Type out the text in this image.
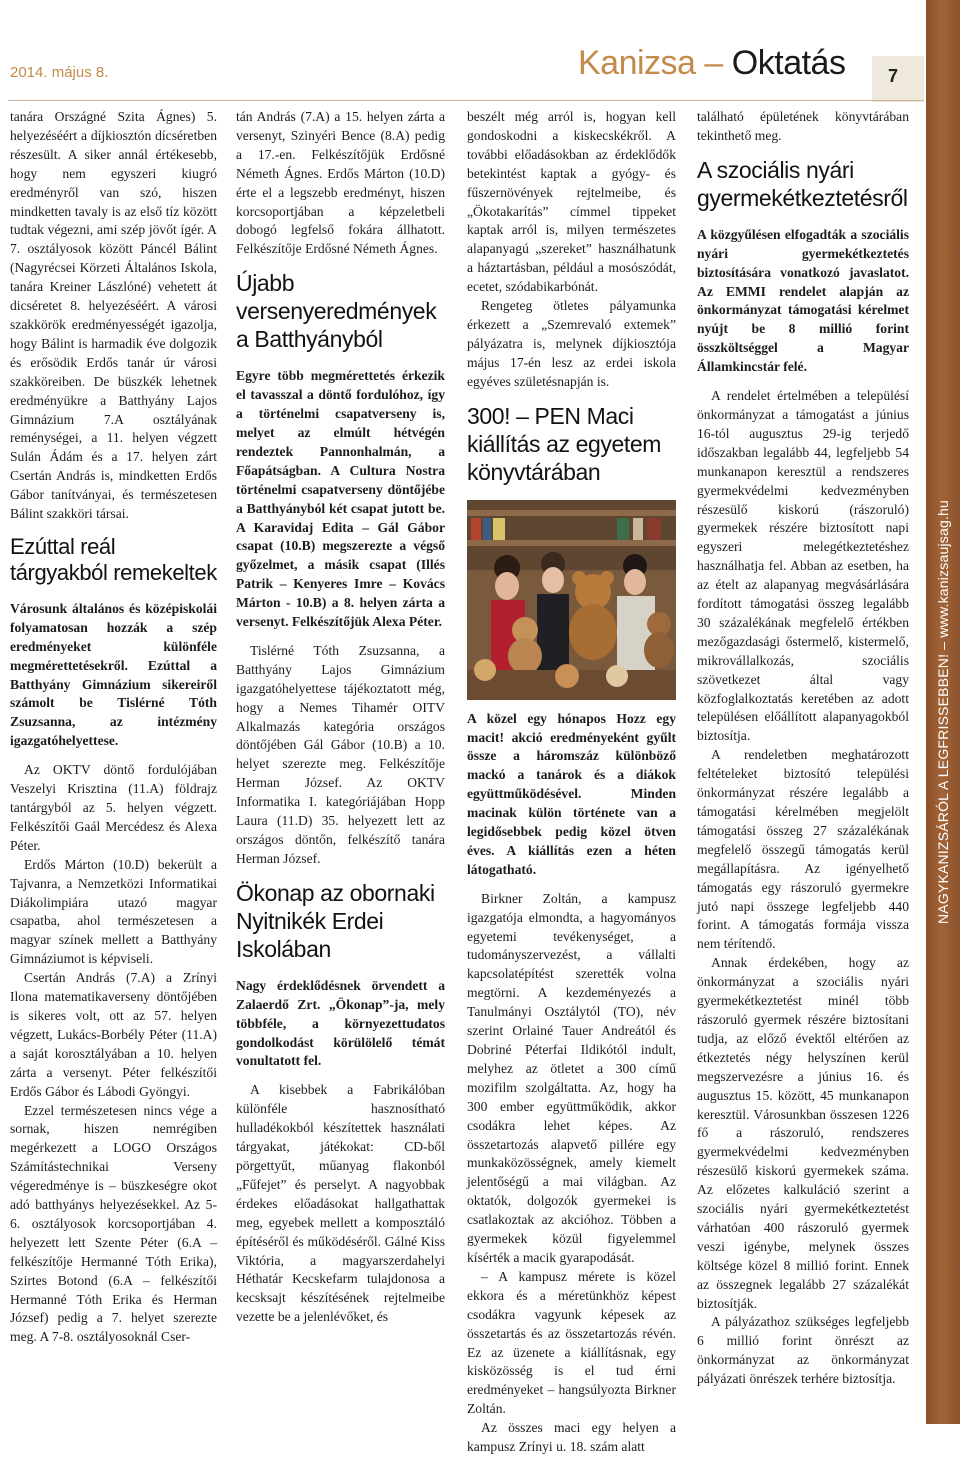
2014. május 8.	Kanizsa – Oktatás 7
NAGYKANIZSÁRÓL A LEGFRISSEBBEN! – www.kanizsaujsag.hu

tanára Országné Szita Ágnes) 5. helyezéséért a díjkiosztón dícséretben részesült. A siker annál értékesebb, hogy nem egyszeri kiugró eredményről van szó, hiszen mindketten tavaly is az első tíz között tudtak végezni, ami szép jövőt ígér. A 7. osztályosok között Páncél Bálint (Nagyrécsei Körzeti Általános Iskola, tanára Kreiner Lászlóné) vehetett át dicséretet 8. helyezéséért. A városi szakkörök eredményességét igazolja, hogy Bálint is harmadik éve dolgozik és erősödik Erdős tanár úr városi szakköreiben. De büszkék lehetnek eredményükre a Batthyány Lajos Gimnázium 7.A osztályának reménységei, a 11. helyen végzett Sulán Ádám és a 17. helyen zárt Csertán András is, mindketten Erdős Gábor tanítványai, és természetesen Bálint szakköri társai.

Ezúttal reál tárgyakból remekeltek

Városunk általános és középiskolái folyamatosan hozzák a szép eredményeket különféle megmérettetésekről. Ezúttal a Batthyány Gimnázium sikereiről számolt be Tislérné Tóth Zsuzsanna, az intézmény igazgatóhelyettese.

Az OKTV döntő fordulójában Veszelyi Krisztina (11.A) földrajz tantárgyból az 5. helyen végzett. Felkészítői Gaál Mercédesz és Alexa Péter.

Erdős Márton (10.D) bekerült a Tajvanra, a Nemzetközi Informatikai Diákolimpiára utazó magyar csapatba, ahol természetesen a magyar színek mellett a Batthyány Gimnáziumot is képviseli.

Csertán András (7.A) a Zrínyi Ilona matematikaverseny döntőjében is sikeres volt, ott az 57. helyen végzett, Lukács-Borbély Péter (11.A) a saját korosztályában a 10. helyen zárta a versenyt. Péter felkészítői Erdős Gábor és Lábodi Gyöngyi.

Ezzel természetesen nincs vége a sornak, hiszen nemrégiben megérkezett a LOGO Országos Számítástechnikai Verseny végeredménye is – büszkeségre okot adó batthyánys helyezésekkel. Az 5-6. osztályosok korcsoportjában 4. helyezett lett Szente Péter (6.A – felkészítője Hermanné Tóth Erika), Szirtes Botond (6.A – felkészítői Hermanné Tóth Erika és Herman József) pedig a 7. helyet szerezte meg. A 7-8. osztályosoknál Cser-

tán András (7.A) a 15. helyen zárta a versenyt, Szinyéri Bence (8.A) pedig a 17.-en. Felkészítőjük Erdősné Németh Ágnes. Erdős Márton (10.D) érte el a legszebb eredményt, hiszen korcsoportjában a képzeletbeli dobogó legfelső fokára állhatott. Felkészítője Erdősné Németh Ágnes.

Újabb versenyeredmények a Batthyányból

Egyre több megmérettetés érkezik el tavasszal a döntő fordulóhoz, így a történelmi csapatverseny is, melyet az elmúlt hétvégén rendeztek Pannonhalmán, a Főapátságban. A Cultura Nostra történelmi csapatverseny döntőjébe a Batthyányból két csapat jutott be. A Karavidaj Edita – Gál Gábor csapat (10.B) megszerezte a végső győzelmet, a másik csapat (Illés Patrik – Kenyeres Imre – Kovács Márton - 10.B) a 8. helyen zárta a versenyt. Felkészítőjük Alexa Péter.

Tislérné Tóth Zsuzsanna, a Batthyány Lajos Gimnázium igazgatóhelyettese tájékoztatott még, hogy a Nemes Tihamér OITV Alkalmazás kategória országos döntőjében Gál Gábor (10.B) a 10. helyet szerezte meg. Felkészítője Herman József. Az OKTV Informatika I. kategóriájában Hopp Laura (11.D) 35. helyezett lett az országos döntőn, felkészítő tanára Herman József.

Ökonap az obornaki Nyitnikék Erdei Iskolában

Nagy érdeklődésnek örvendett a Zalaerdő Zrt. „Ökonap”-ja, mely többféle, a környezettudatos gondolkodást körülölelő témát vonultatott fel.

A kisebbek a Fabrikálóban különféle hasznosítható hulladékokból készítettek használati tárgyakat, játékokat: CD-ből pörgettyűt, műanyag flakonból „Fűfejet” és perselyt. A nagyobbak érdekes előadásokat hallgathattak meg, egyebek mellett a komposztáló építéséről és működéséről. Gálné Kiss Viktória, a magyarszerdahelyi Héthatár Kecskefarm tulajdonosa a kecsksajt készítésének rejtelmeibe vezette be a jelenlévőket, és

beszélt még arról is, hogyan kell gondoskodni a kiskecskékről. A további előadásokban az érdeklődők betekintést kaptak a gyógy- és fűszernövények rejtelmeibe, és „Ökotakarítás” címmel tippeket kaptak arról is, milyen természetes alapanyagú „szereket” használhatunk a háztartásban, például a mosószódát, ecetet, szódabikarbónát.

Rengeteg ötletes pályamunka érkezett a „Szemrevaló extemek” pályázatra is, melynek díjkiosztója május 17-én lesz az erdei iskola egyéves születésnapján is.

300! – PEN Maci kiállítás az egyetem könyvtárában

A közel egy hónapos Hozz egy macit! akció eredményeként gyűlt össze a háromszáz különböző mackó a tanárok és a diákok együttműködésével. Minden macinak külön története van a legidősebbek pedig közel ötven éves. A kiállítás ezen a héten látogatható.

Birkner Zoltán, a kampusz igazgatója elmondta, a hagyományos egyetemi tevékenységet, a tudományszervezést, a vállalti kapcsolatépítést szerették volna megtörni. A kezdeményezés a Tanulmányi Osztálytól (TO), név szerint Orlainé Tauer Andreától és Dobriné Péterfai Ildikótól indult, melyhez az ötletet a 300 című mozifilm szolgáltatta. Az, hogy ha 300 ember együttműködik, akkor csodákra lehet képes. Az összetartozás alapvető pillére egy munkaközösségnek, amely kiemelt jelentőségű a mai világban. Az oktatók, dolgozók gyermekei is csatlakoztak az akcióhoz. Többen a gyermekek közül figyelemmel kísérték a macik gyarapodását.

– A kampusz mérete is közel ekkora és a méretünkhöz képest csodákra vagyunk képesek az összetartás és az összetartozás révén. Ez az üzenete a kiállításnak, egy kisközösség is el tud érni eredményeket – hangsúlyozta Birkner Zoltán.

Az összes maci egy helyen a kampusz Zrínyi u. 18. szám alatt

található épületének könyvtárában tekinthető meg.

A szociális nyári gyermekétkeztetésről

A közgyűlésen elfogadták a szociális nyári gyermekétkeztetés biztosítására vonatkozó javaslatot. Az EMMI rendelet alapján az önkormányzat támogatási kérelmet nyújt be 8 millió forint összköltséggel a Magyar Államkincstár felé.

A rendelet értelmében a településí önkormányzat a támogatást a június 16-tól augusztus 29-ig terjedő időszakban legalább 44, legfeljebb 54 munkanapon keresztül a rendszeres gyermekvédelmi kedvezményben részesülő kiskorú (rászoruló) gyermekek részére biztosított napi egyszeri melegétkeztetéshez használhatja fel. Abban az esetben, ha az ételt az alapanyag megvásárlására fordított támogatási összeg legalább 30 százalékának megfelelő értékben mezőgazdasági őstermelő, kistermelő, mikrovállalkozás, szociális szövetkezet által vagy közfoglalkoztatás keretében az adott településen előállított alapanyagokból biztosítja.

A rendeletben meghatározott feltételeket biztosító települési önkormányzat részére legalább a támogatási kérelmében megjelölt támogatási összeg 27 százalékának megfelelő összegű támogatás kerül megállapításra. Az igényelhető támogatás egy rászoruló gyermekre jutó napi összege legfeljebb 440 forint. A támogatás formája vissza nem térítendő.

Annak érdekében, hogy az önkormányzat a szociális nyári gyermekétkeztetést minél több rászoruló gyermek részére biztosítani tudja, az előző évektől eltérően az étkeztetés négy helyszínen kerül megszervezésre a június 16. és augusztus 15. között, 45 munkanapon keresztül. Városunkban összesen 1226 fő a rászoruló, rendszeres gyermekvédelmi kedvezményben részesülő kiskorú gyermekek száma. Az előzetes kalkuláció szerint a szociális nyári gyermekétkeztetést várhatóan 400 rászoruló gyermek veszi igénybe, melynek összes költsége közel 8 millió forint. Ennek az összegnek legalább 27 százalékát biztosítják.

A pályázathoz szükséges legfeljebb 6 millió forint önrészt az önkormányzat az önkormányzat pályázati önrészek terhére biztosítja.
